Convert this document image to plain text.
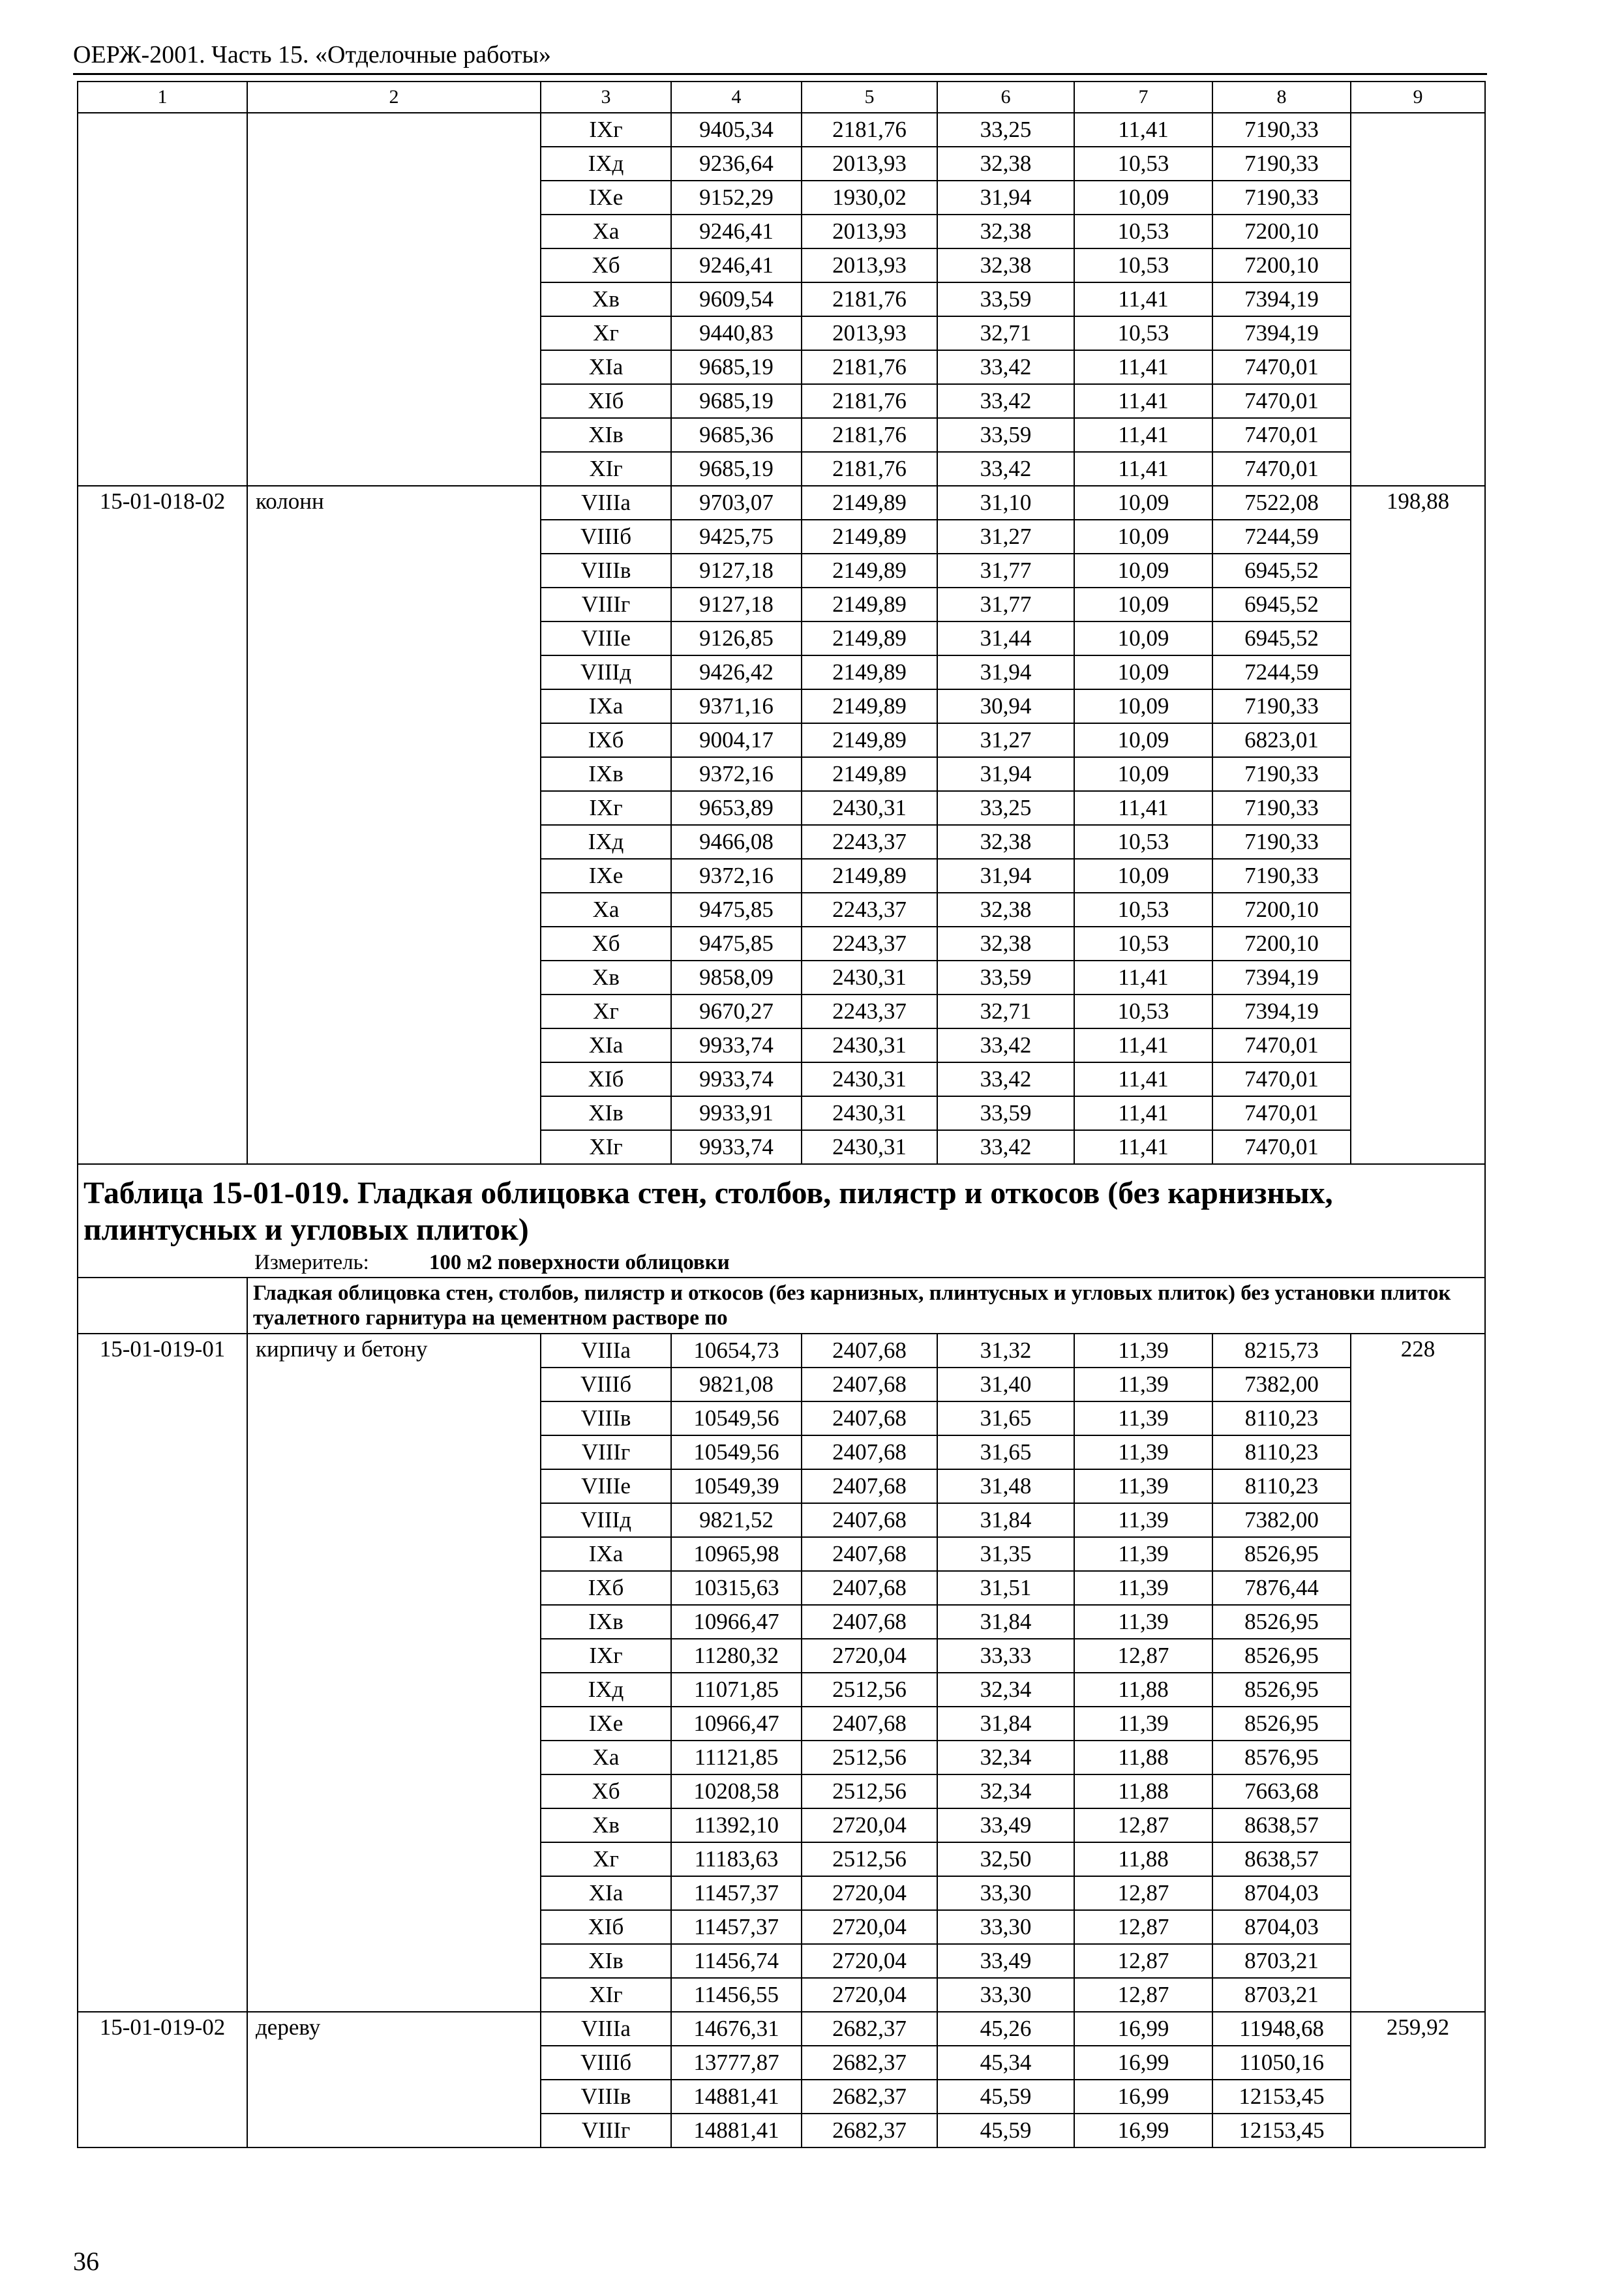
ОЕРЖ-2001. Часть 15. «Отделочные работы»
1	2	3	4	5	6	7	8	9
		IXг	9405,34	2181,76	33,25	11,41	7190,33	
		IXд	9236,64	2013,93	32,38	10,53	7190,33	
		IXе	9152,29	1930,02	31,94	10,09	7190,33	
		Xа	9246,41	2013,93	32,38	10,53	7200,10	
		Xб	9246,41	2013,93	32,38	10,53	7200,10	
		Xв	9609,54	2181,76	33,59	11,41	7394,19	
		Xг	9440,83	2013,93	32,71	10,53	7394,19	
		XIа	9685,19	2181,76	33,42	11,41	7470,01	
		XIб	9685,19	2181,76	33,42	11,41	7470,01	
		XIв	9685,36	2181,76	33,59	11,41	7470,01	
		XIг	9685,19	2181,76	33,42	11,41	7470,01	
15-01-018-02	колонн	VIIIа	9703,07	2149,89	31,10	10,09	7522,08	198,88
		VIIIб	9425,75	2149,89	31,27	10,09	7244,59	
		VIIIв	9127,18	2149,89	31,77	10,09	6945,52	
		VIIIг	9127,18	2149,89	31,77	10,09	6945,52	
		VIIIе	9126,85	2149,89	31,44	10,09	6945,52	
		VIIIд	9426,42	2149,89	31,94	10,09	7244,59	
		IXа	9371,16	2149,89	30,94	10,09	7190,33	
		IXб	9004,17	2149,89	31,27	10,09	6823,01	
		IXв	9372,16	2149,89	31,94	10,09	7190,33	
		IXг	9653,89	2430,31	33,25	11,41	7190,33	
		IXд	9466,08	2243,37	32,38	10,53	7190,33	
		IXе	9372,16	2149,89	31,94	10,09	7190,33	
		Xа	9475,85	2243,37	32,38	10,53	7200,10	
		Xб	9475,85	2243,37	32,38	10,53	7200,10	
		Xв	9858,09	2430,31	33,59	11,41	7394,19	
		Xг	9670,27	2243,37	32,71	10,53	7394,19	
		XIа	9933,74	2430,31	33,42	11,41	7470,01	
		XIб	9933,74	2430,31	33,42	11,41	7470,01	
		XIв	9933,91	2430,31	33,59	11,41	7470,01	
		XIг	9933,74	2430,31	33,42	11,41	7470,01	
Таблица 15-01-019. Гладкая облицовка стен, столбов, пилястр и откосов (без карнизных, плинтусных и угловых плиток)								
Измеритель: 100 м2 поверхности облицовки								
	Гладкая облицовка стен, столбов, пилястр и откосов (без карнизных, плинтусных и угловых плиток) без установки плиток туалетного гарнитура на цементном растворе по							
15-01-019-01	кирпичу и бетону	VIIIа	10654,73	2407,68	31,32	11,39	8215,73	228
		VIIIб	9821,08	2407,68	31,40	11,39	7382,00	
		VIIIв	10549,56	2407,68	31,65	11,39	8110,23	
		VIIIг	10549,56	2407,68	31,65	11,39	8110,23	
		VIIIе	10549,39	2407,68	31,48	11,39	8110,23	
		VIIIд	9821,52	2407,68	31,84	11,39	7382,00	
		IXа	10965,98	2407,68	31,35	11,39	8526,95	
		IXб	10315,63	2407,68	31,51	11,39	7876,44	
		IXв	10966,47	2407,68	31,84	11,39	8526,95	
		IXг	11280,32	2720,04	33,33	12,87	8526,95	
		IXд	11071,85	2512,56	32,34	11,88	8526,95	
		IXе	10966,47	2407,68	31,84	11,39	8526,95	
		Xа	11121,85	2512,56	32,34	11,88	8576,95	
		Xб	10208,58	2512,56	32,34	11,88	7663,68	
		Xв	11392,10	2720,04	33,49	12,87	8638,57	
		Xг	11183,63	2512,56	32,50	11,88	8638,57	
		XIа	11457,37	2720,04	33,30	12,87	8704,03	
		XIб	11457,37	2720,04	33,30	12,87	8704,03	
		XIв	11456,74	2720,04	33,49	12,87	8703,21	
		XIг	11456,55	2720,04	33,30	12,87	8703,21	
15-01-019-02	дереву	VIIIа	14676,31	2682,37	45,26	16,99	11948,68	259,92
		VIIIб	13777,87	2682,37	45,34	16,99	11050,16	
		VIIIв	14881,41	2682,37	45,59	16,99	12153,45	
		VIIIг	14881,41	2682,37	45,59	16,99	12153,45	
36
